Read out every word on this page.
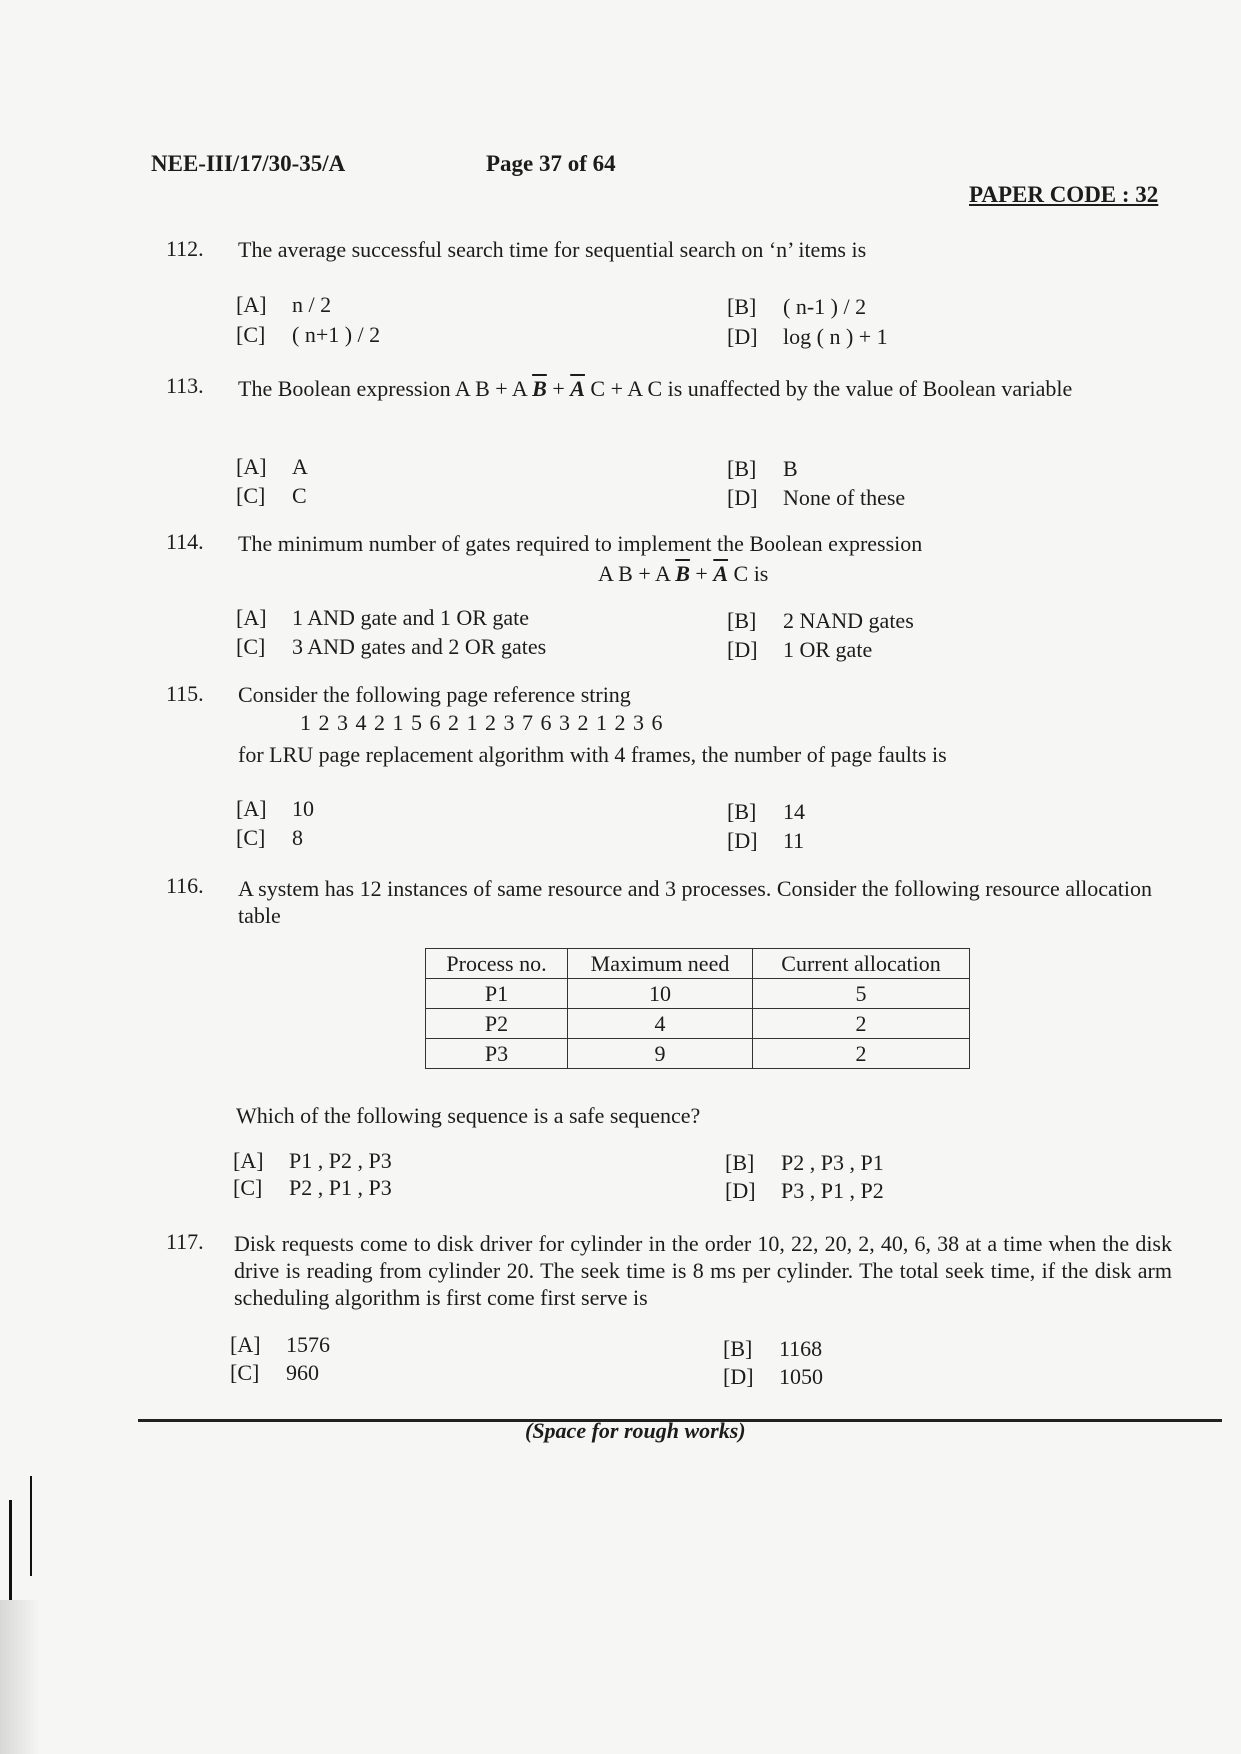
NEE-III/17/30-35/A	Page 37 of 64
PAPER CODE : 32
112. The average successful search time for sequential search on ‘n’ items is
[A] n / 2	[B] ( n-1 ) / 2
[C] ( n+1 ) / 2	[D] log ( n ) + 1
113. The Boolean expression A B + A $\overline{B} + \overline{A}$ C + A C is unaffected by the value of Boolean variable
[A] A	[B] B
[C] C	[D] None of these
114. The minimum number of gates required to implement the Boolean expression
A B + A $\overline{B} + \overline{A}$ C is
[A] 1 AND gate and 1 OR gate	[B] 2 NAND gates
[C] 3 AND gates and 2 OR gates	[D] 1 OR gate
115. Consider the following page reference string
1 2 3 4 2 1 5 6 2 1 2 3 7 6 3 2 1 2 3 6
for LRU page replacement algorithm with 4 frames, the number of page faults is
[A] 10	[B] 14
[C] 8	[D] 11
116. A system has 12 instances of same resource and 3 processes. Consider the following resource allocation table
Process no.	Maximum need	Current allocation
P1	10	5
P2	4	2
P3	9	2
Which of the following sequence is a safe sequence?
[A] P1 , P2 , P3	[B] P2 , P3 , P1
[C] P2 , P1 , P3	[D] P3 , P1 , P2
117. Disk requests come to disk driver for cylinder in the order 10, 22, 20, 2, 40, 6, 38 at a time when the disk drive is reading from cylinder 20. The seek time is 8 ms per cylinder. The total seek time, if the disk arm scheduling algorithm is first come first serve is
[A] 1576	[B] 1168
[C] 960	[D] 1050
(Space for rough works)
